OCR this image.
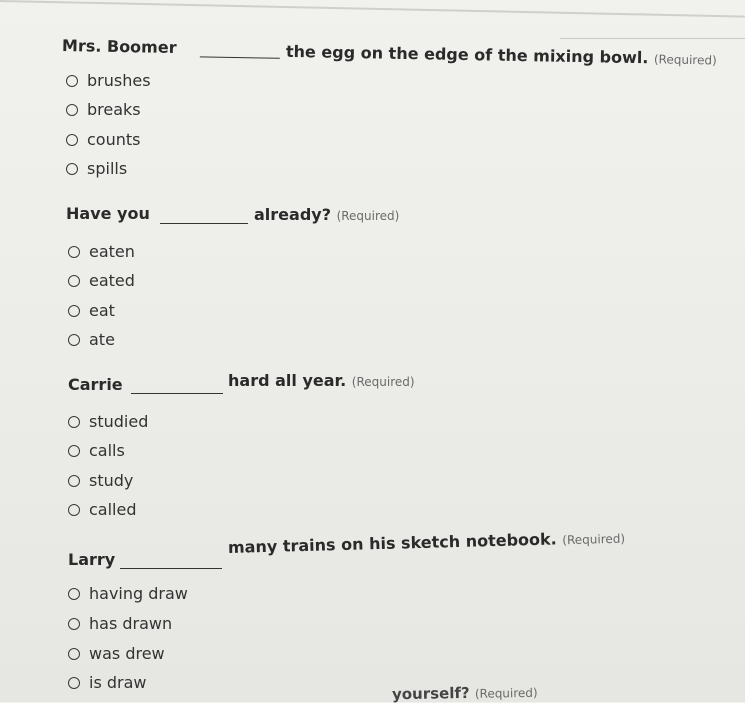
Mrs. Boomer	the egg on the edge of the mixing bowl. (Required)
brushes
breaks
counts
spills
Have you	already? (Required)
eaten
eated
eat
ate
Carrie	hard all year. (Required)
studied
calls
study
called
Larry
many trains on his sketch notebook. (Required)
having draw
has drawn
was drew
is draw
yourself? (Required)
